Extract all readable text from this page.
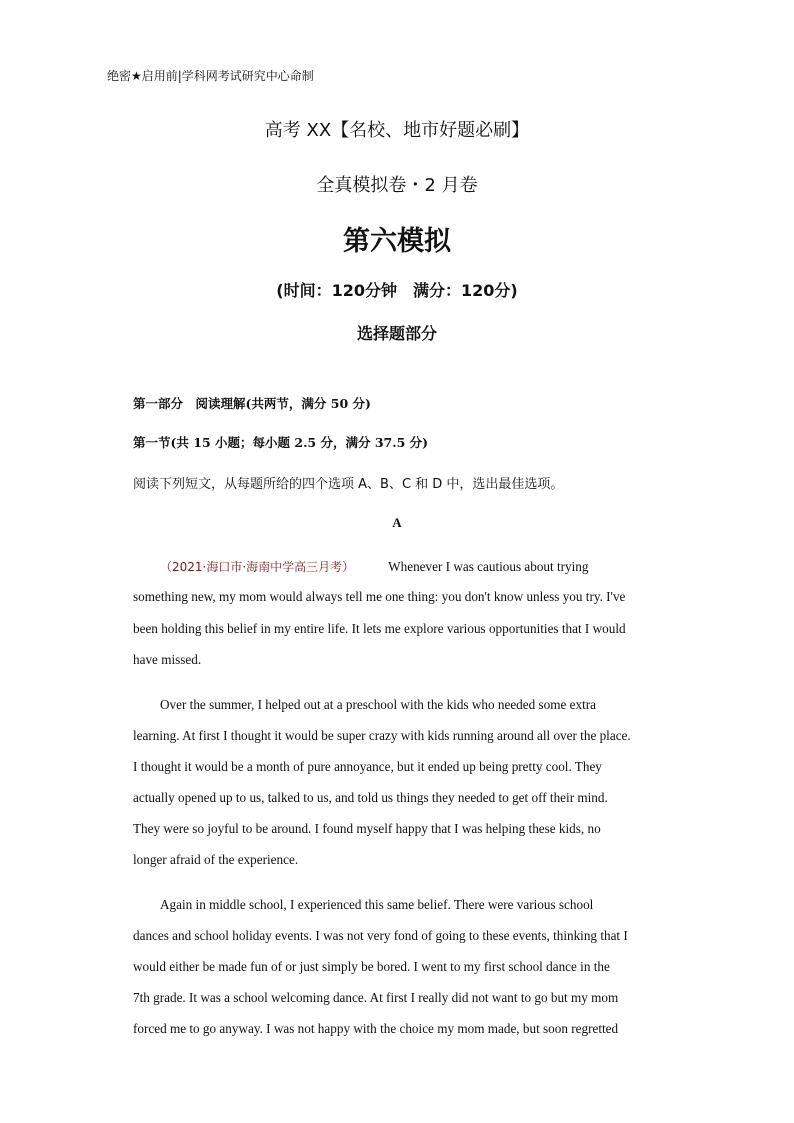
绝密★启用前|学科网考试研究中心命制
高考 XX【名校、地市好题必刷】
全真模拟卷・2 月卷
第六模拟
(时间：120分钟　满分：120分)
选择题部分
第一部分　阅读理解(共两节，满分 50 分)
第一节(共 15 小题；每小题 2.5 分，满分 37.5 分)
阅读下列短文，从每题所给的四个选项 A、B、C 和 D 中，选出最佳选项。
A
（2021·海口市·海南中学高三月考）	Whenever I was cautious about trying
something new, my mom would always tell me one thing: you don't know unless you try. I've
been holding this belief in my entire life. It lets me explore various opportunities that I would
have missed.
Over the summer, I helped out at a preschool with the kids who needed some extra
learning. At first I thought it would be super crazy with kids running around all over the place.
I thought it would be a month of pure annoyance, but it ended up being pretty cool. They
actually opened up to us, talked to us, and told us things they needed to get off their mind.
They were so joyful to be around. I found myself happy that I was helping these kids, no
longer afraid of the experience.
Again in middle school, I experienced this same belief. There were various school
dances and school holiday events. I was not very fond of going to these events, thinking that I
would either be made fun of or just simply be bored. I went to my first school dance in the
7th grade. It was a school welcoming dance. At first I really did not want to go but my mom
forced me to go anyway. I was not happy with the choice my mom made, but soon regretted
